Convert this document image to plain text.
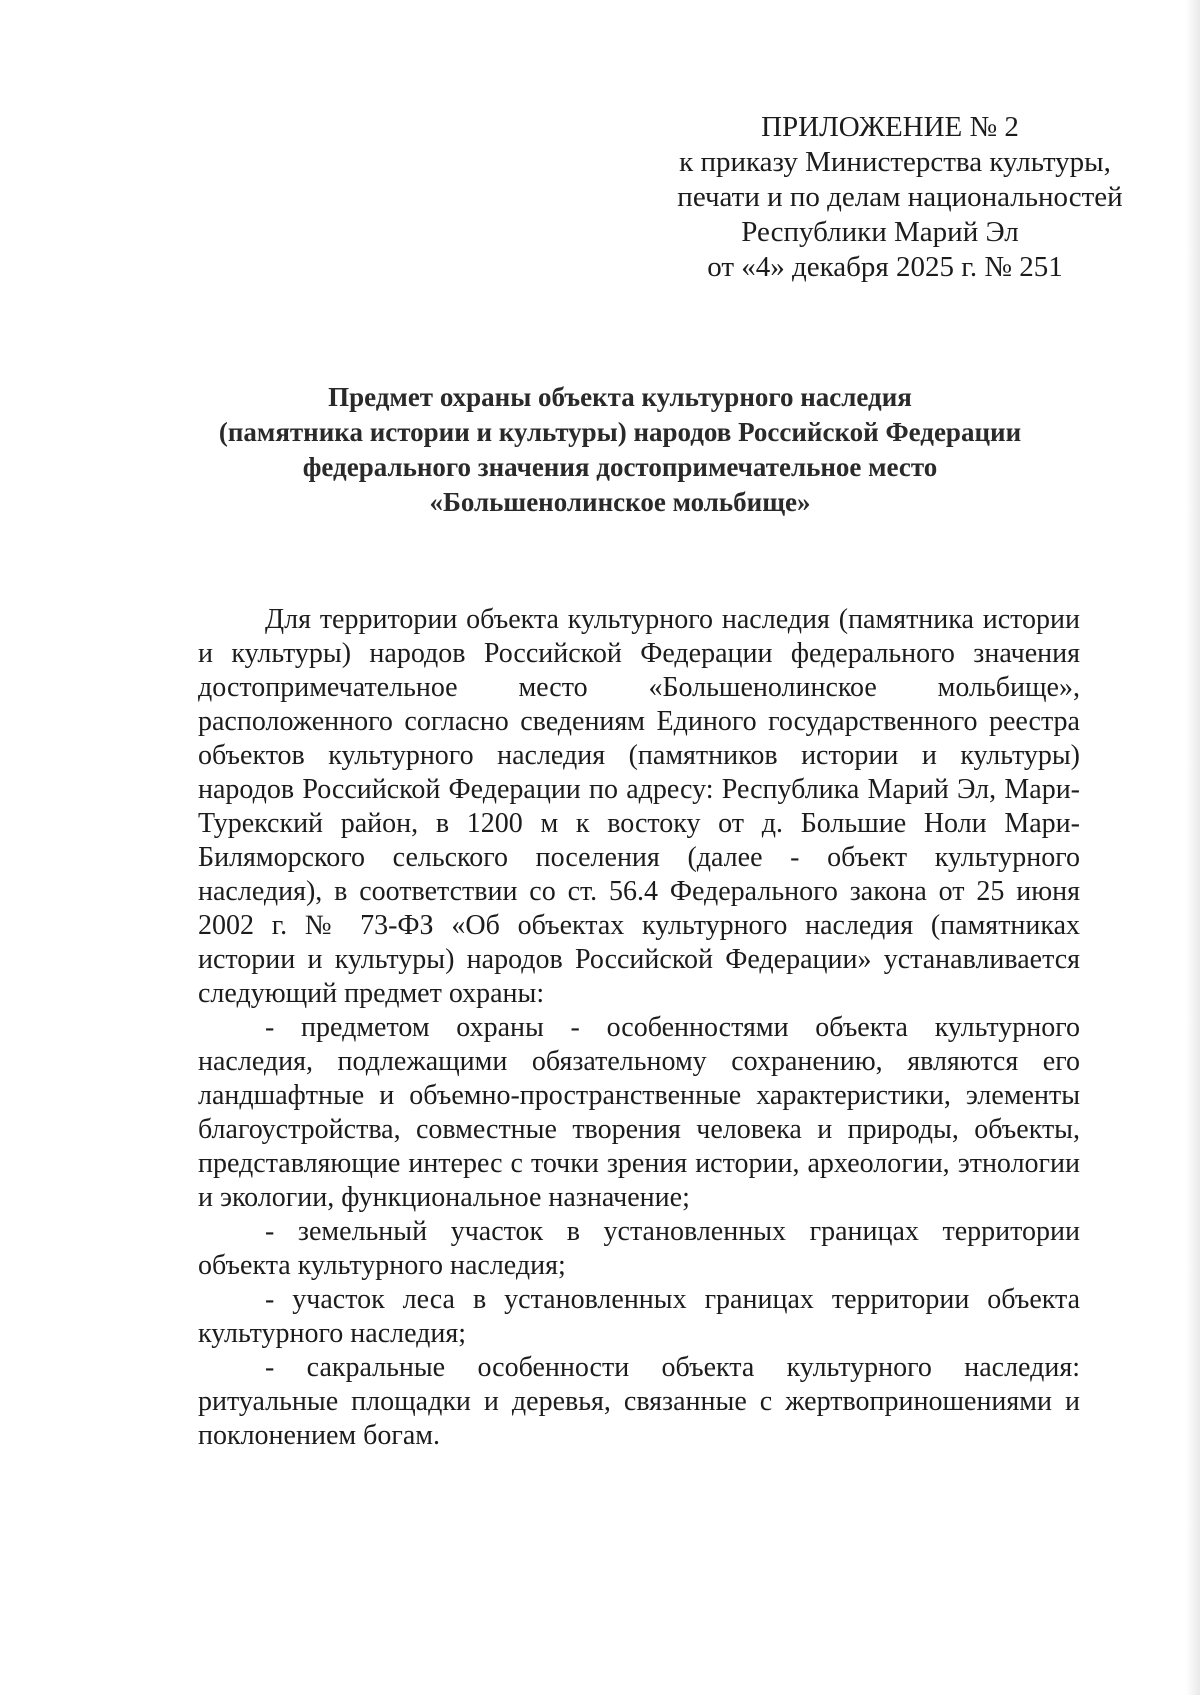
ПРИЛОЖЕНИЕ № 2
к приказу Министерства культуры,
печати и по делам национальностей
Республики Марий Эл
от «4» декабря 2025 г. № 251
Предмет охраны объекта культурного наследия
(памятника истории и культуры) народов Российской Федерации
федерального значения достопримечательное место
«Большенолинское мольбище»

Для территории объекта культурного наследия (памятника истории и культуры) народов Российской Федерации федерального значения достопримечательное место «Большенолинское мольбище», расположенного согласно сведениям Единого государственного реестра объектов культурного наследия (памятников истории и культуры) народов Российской Федерации по адресу: Республика Марий Эл, Мари-Турекский район, в 1200 м к востоку от д. Большие Ноли Мари-Билямoрского сельского поселения (далее - объект культурного наследия), в соответствии со ст. 56.4 Федерального закона от 25 июня 2002 г. № 73-ФЗ «Об объектах культурного наследия (памятниках истории и культуры) народов Российской Федерации» устанавливается следующий предмет охраны:

- предметом охраны - особенностями объекта культурного наследия, подлежащими обязательному сохранению, являются его ландшафтные и объемно-пространственные характеристики, элементы благоустройства, совместные творения человека и природы, объекты, представляющие интерес с точки зрения истории, археологии, этнологии и экологии, функциональное назначение;

- земельный участок в установленных границах территории объекта культурного наследия;

- участок леса в установленных границах территории объекта культурного наследия;

- сакральные особенности объекта культурного наследия: ритуальные площадки и деревья, связанные с жертвоприношениями и поклонением богам.
